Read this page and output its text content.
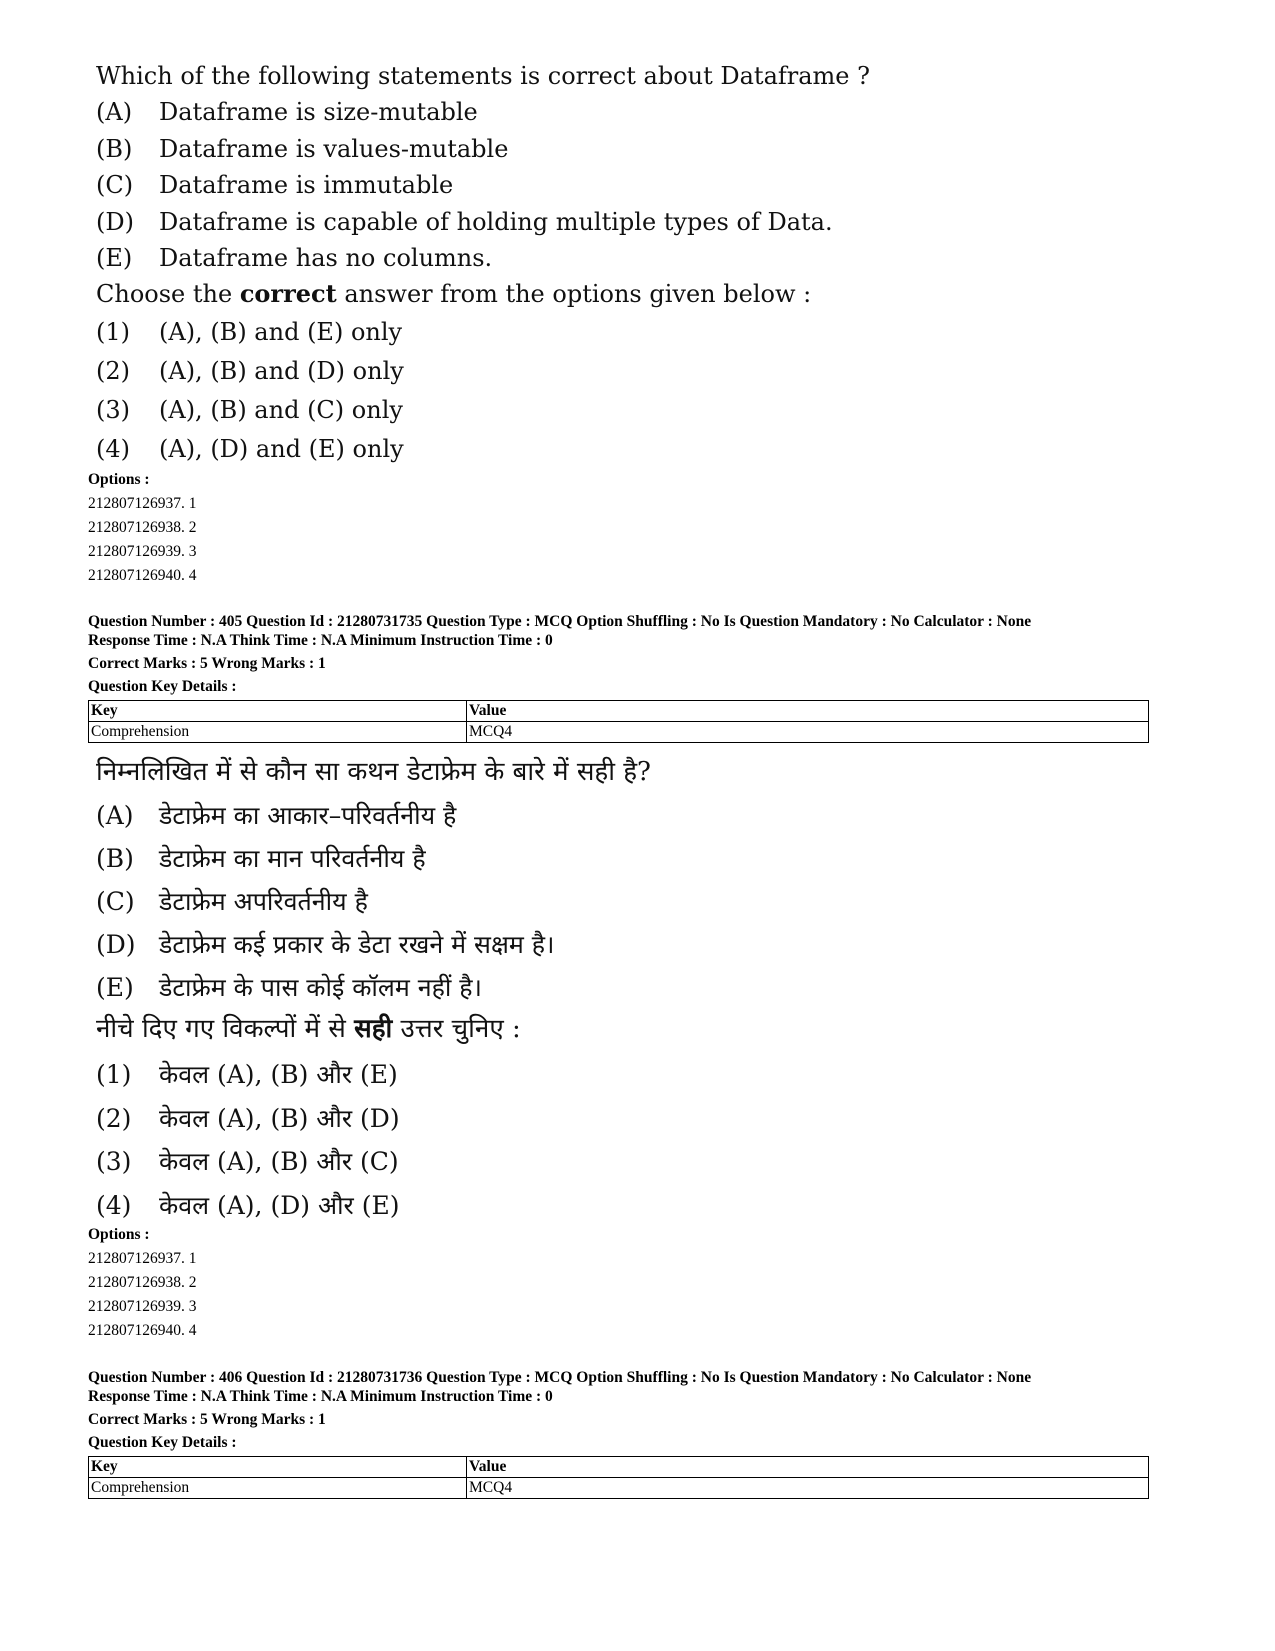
Which of the following statements is correct about Dataframe ?
(A)	Dataframe is size-mutable
(B)	Dataframe is values-mutable
(C)	Dataframe is immutable
(D)	Dataframe is capable of holding multiple types of Data.
(E)	Dataframe has no columns.
Choose the correct answer from the options given below :
(1)	(A), (B) and (E) only
(2)	(A), (B) and (D) only
(3)	(A), (B) and (C) only
(4)	(A), (D) and (E) only
Options :
212807126937. 1
212807126938. 2
212807126939. 3
212807126940. 4
Question Number : 405 Question Id : 21280731735 Question Type : MCQ Option Shuffling : No Is Question Mandatory : No Calculator : None
Response Time : N.A Think Time : N.A Minimum Instruction Time : 0
Correct Marks : 5 Wrong Marks : 1
Question Key Details :
Key	Value
Comprehension	MCQ4
निम्नलिखित में से कौन सा कथन डेटाफ्रेम के बारे में सही है?
(A)	डेटाफ्रेम का आकार–परिवर्तनीय है
(B)	डेटाफ्रेम का मान परिवर्तनीय है
(C) डेटाफ्रेम अपरिवर्तनीय है
(D) डेटाफ्रेम कई प्रकार के डेटा रखने में सक्षम है।
(E)	डेटाफ्रेम के पास कोई कॉलम नहीं है।
नीचे दिए गए विकल्पों में से सही उत्तर चुनिए :
(1)	केवल (A), (B) और (E)
(2)	केवल (A), (B) और (D)
(3)	केवल (A), (B) और (C)
(4)	केवल (A), (D) और (E)
Options :
212807126937. 1
212807126938. 2
212807126939. 3
212807126940. 4
Question Number : 406 Question Id : 21280731736 Question Type : MCQ Option Shuffling : No Is Question Mandatory : No Calculator : None
Response Time : N.A Think Time : N.A Minimum Instruction Time : 0
Correct Marks : 5 Wrong Marks : 1
Question Key Details :
Key	Value
Comprehension	MCQ4
